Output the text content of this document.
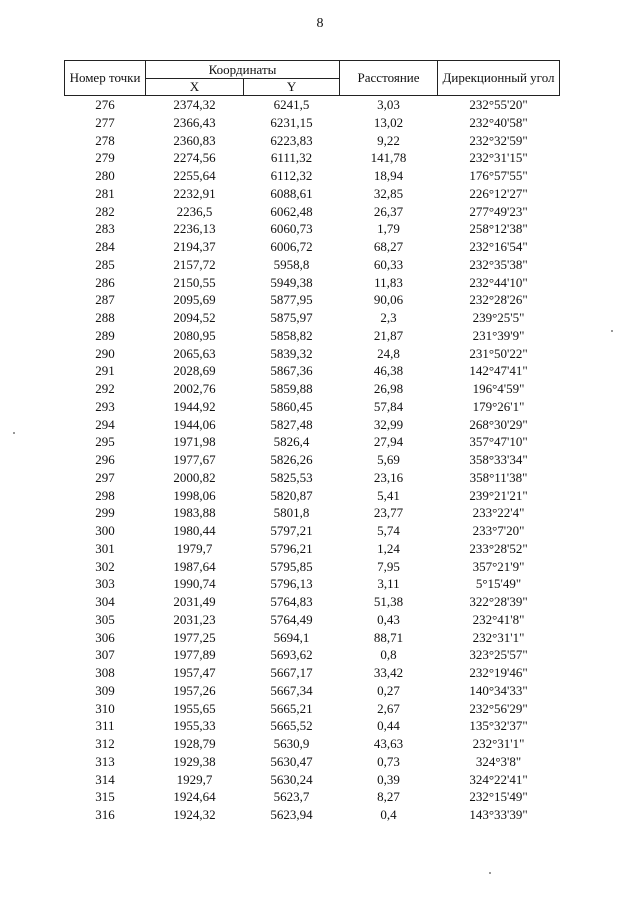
8
Номер точки	Координаты		Расстояние	Дирекционный угол
	X	Y		
276	2374,32	6241,5	3,03	232°55'20"
277	2366,43	6231,15	13,02	232°40'58"
278	2360,83	6223,83	9,22	232°32'59"
279	2274,56	6111,32	141,78	232°31'15"
280	2255,64	6112,32	18,94	176°57'55"
281	2232,91	6088,61	32,85	226°12'27"
282	2236,5	6062,48	26,37	277°49'23"
283	2236,13	6060,73	1,79	258°12'38"
284	2194,37	6006,72	68,27	232°16'54"
285	2157,72	5958,8	60,33	232°35'38"
286	2150,55	5949,38	11,83	232°44'10"
287	2095,69	5877,95	90,06	232°28'26"
288	2094,52	5875,97	2,3	239°25'5"
289	2080,95	5858,82	21,87	231°39'9"
290	2065,63	5839,32	24,8	231°50'22"
291	2028,69	5867,36	46,38	142°47'41"
292	2002,76	5859,88	26,98	196°4'59"
293	1944,92	5860,45	57,84	179°26'1"
294	1944,06	5827,48	32,99	268°30'29"
295	1971,98	5826,4	27,94	357°47'10"
296	1977,67	5826,26	5,69	358°33'34"
297	2000,82	5825,53	23,16	358°11'38"
298	1998,06	5820,87	5,41	239°21'21"
299	1983,88	5801,8	23,77	233°22'4"
300	1980,44	5797,21	5,74	233°7'20"
301	1979,7	5796,21	1,24	233°28'52"
302	1987,64	5795,85	7,95	357°21'9"
303	1990,74	5796,13	3,11	5°15'49"
304	2031,49	5764,83	51,38	322°28'39"
305	2031,23	5764,49	0,43	232°41'8"
306	1977,25	5694,1	88,71	232°31'1"
307	1977,89	5693,62	0,8	323°25'57"
308	1957,47	5667,17	33,42	232°19'46"
309	1957,26	5667,34	0,27	140°34'33"
310	1955,65	5665,21	2,67	232°56'29"
311	1955,33	5665,52	0,44	135°32'37"
312	1928,79	5630,9	43,63	232°31'1"
313	1929,38	5630,47	0,73	324°3'8"
314	1929,7	5630,24	0,39	324°22'41"
315	1924,64	5623,7	8,27	232°15'49"
316	1924,32	5623,94	0,4	143°33'39"
